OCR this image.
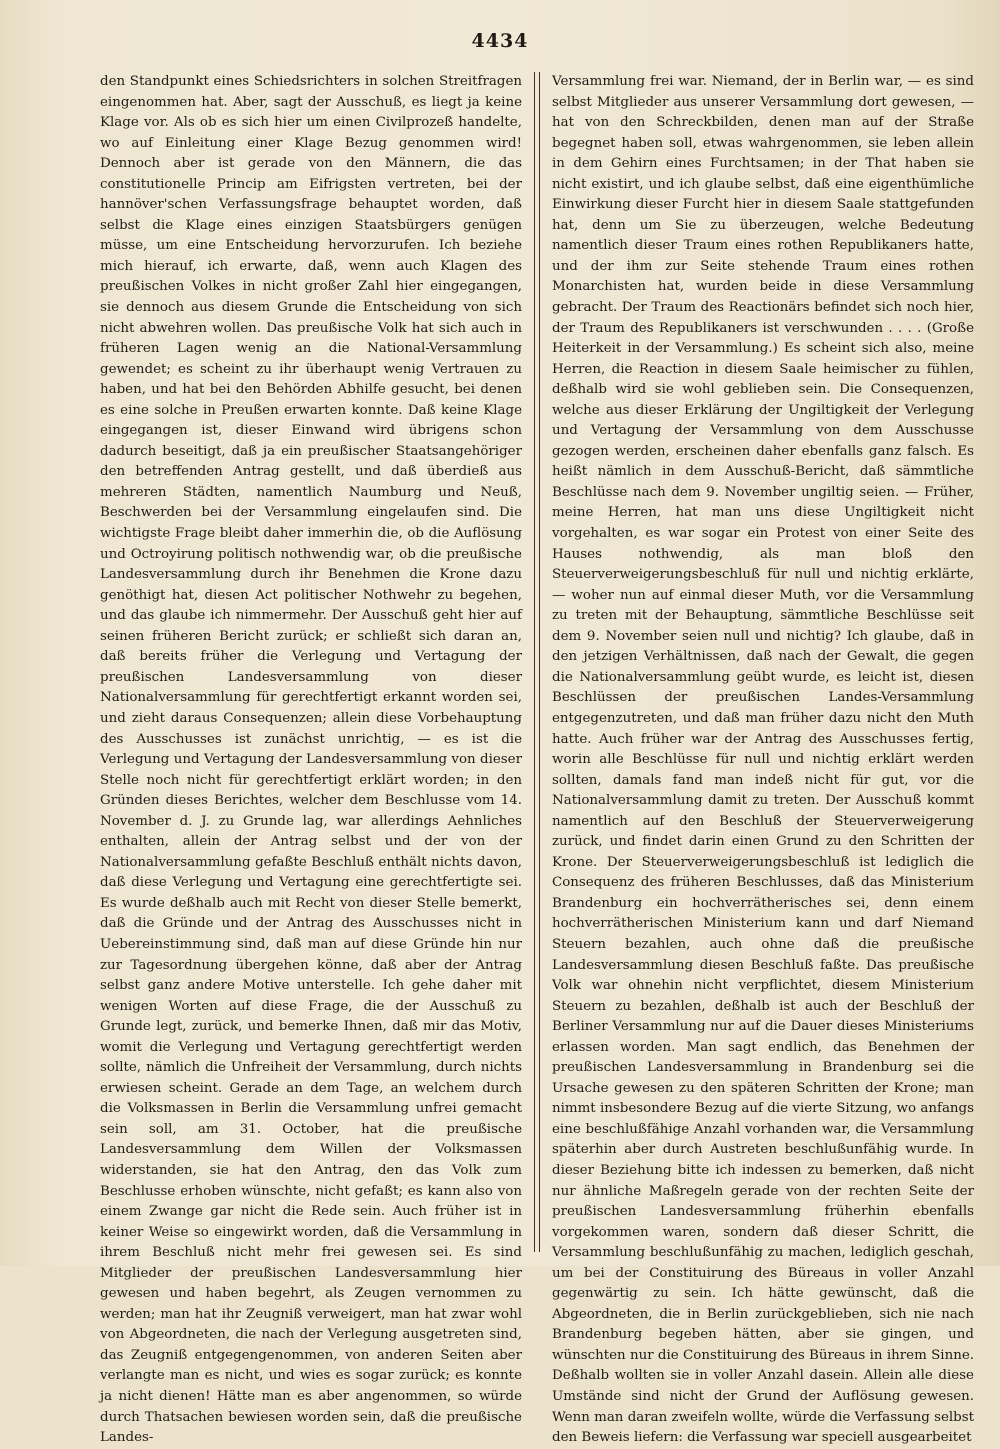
4434

den Standpunkt eines Schiedsrichters in solchen Streitfragen eingenommen hat. Aber, sagt der Ausschuß, es liegt ja keine Klage vor. Als ob es sich hier um einen Civilprozeß handelte, wo auf Einleitung einer Klage Bezug genommen wird! Dennoch aber ist gerade von den Männern, die das constitutionelle Princip am Eifrigsten vertreten, bei der hannöver'schen Verfassungsfrage behauptet worden, daß selbst die Klage eines einzigen Staatsbürgers genügen müsse, um eine Entscheidung hervorzurufen. Ich beziehe mich hierauf, ich erwarte, daß, wenn auch Klagen des preußischen Volkes in nicht großer Zahl hier eingegangen, sie dennoch aus diesem Grunde die Entscheidung von sich nicht abwehren wollen. Das preußische Volk hat sich auch in früheren Lagen wenig an die National-Versammlung gewendet; es scheint zu ihr überhaupt wenig Vertrauen zu haben, und hat bei den Behörden Abhilfe gesucht, bei denen es eine solche in Preußen erwarten konnte. Daß keine Klage eingegangen ist, dieser Einwand wird übrigens schon dadurch beseitigt, daß ja ein preußischer Staatsangehöriger den betreffenden Antrag gestellt, und daß überdieß aus mehreren Städten, namentlich Naumburg und Neuß, Beschwerden bei der Versammlung eingelaufen sind. Die wichtigste Frage bleibt daher immerhin die, ob die Auflösung und Octroyirung politisch nothwendig war, ob die preußische Landesversammlung durch ihr Benehmen die Krone dazu genöthigt hat, diesen Act politischer Nothwehr zu begehen, und das glaube ich nimmermehr. Der Ausschuß geht hier auf seinen früheren Bericht zurück; er schließt sich daran an, daß bereits früher die Verlegung und Vertagung der preußischen Landesversammlung von dieser Nationalversammlung für gerechtfertigt erkannt worden sei, und zieht daraus Consequenzen; allein diese Vorbehauptung des Ausschusses ist zunächst unrichtig, — es ist die Verlegung und Vertagung der Landesversammlung von dieser Stelle noch nicht für gerechtfertigt erklärt worden; in den Gründen dieses Berichtes, welcher dem Beschlusse vom 14. November d. J. zu Grunde lag, war allerdings Aehnliches enthalten, allein der Antrag selbst und der von der Nationalversammlung gefaßte Beschluß enthält nichts davon, daß diese Verlegung und Vertagung eine gerechtfertigte sei. Es wurde deßhalb auch mit Recht von dieser Stelle bemerkt, daß die Gründe und der Antrag des Ausschusses nicht in Uebereinstimmung sind, daß man auf diese Gründe hin nur zur Tagesordnung übergehen könne, daß aber der Antrag selbst ganz andere Motive unterstelle. Ich gehe daher mit wenigen Worten auf diese Frage, die der Ausschuß zu Grunde legt, zurück, und bemerke Ihnen, daß mir das Motiv, womit die Verlegung und Vertagung gerechtfertigt werden sollte, nämlich die Unfreiheit der Versammlung, durch nichts erwiesen scheint. Gerade an dem Tage, an welchem durch die Volksmassen in Berlin die Versammlung unfrei gemacht sein soll, am 31. October, hat die preußische Landesversammlung dem Willen der Volksmassen widerstanden, sie hat den Antrag, den das Volk zum Beschlusse erhoben wünschte, nicht gefaßt; es kann also von einem Zwange gar nicht die Rede sein. Auch früher ist in keiner Weise so eingewirkt worden, daß die Versammlung in ihrem Beschluß nicht mehr frei gewesen sei. Es sind Mitglieder der preußischen Landesversammlung hier gewesen und haben begehrt, als Zeugen vernommen zu werden; man hat ihr Zeugniß verweigert, man hat zwar wohl von Abgeordneten, die nach der Verlegung ausgetreten sind, das Zeugniß entgegengenommen, von anderen Seiten aber verlangte man es nicht, und wies es sogar zurück; es konnte ja nicht dienen! Hätte man es aber angenommen, so würde durch Thatsachen bewiesen worden sein, daß die preußische Landes-

Versammlung frei war. Niemand, der in Berlin war, — es sind selbst Mitglieder aus unserer Versammlung dort gewesen, — hat von den Schreckbilden, denen man auf der Straße begegnet haben soll, etwas wahrgenommen, sie leben allein in dem Gehirn eines Furchtsamen; in der That haben sie nicht existirt, und ich glaube selbst, daß eine eigenthümliche Einwirkung dieser Furcht hier in diesem Saale stattgefunden hat, denn um Sie zu überzeugen, welche Bedeutung namentlich dieser Traum eines rothen Republikaners hatte, und der ihm zur Seite stehende Traum eines rothen Monarchisten hat, wurden beide in diese Versammlung gebracht. Der Traum des Reactionärs befindet sich noch hier, der Traum des Republikaners ist verschwunden . . . . (Große Heiterkeit in der Versammlung.) Es scheint sich also, meine Herren, die Reaction in diesem Saale heimischer zu fühlen, deßhalb wird sie wohl geblieben sein. Die Consequenzen, welche aus dieser Erklärung der Ungiltigkeit der Verlegung und Vertagung der Versammlung von dem Ausschusse gezogen werden, erscheinen daher ebenfalls ganz falsch. Es heißt nämlich in dem Ausschuß-Bericht, daß sämmtliche Beschlüsse nach dem 9. November ungiltig seien. — Früher, meine Herren, hat man uns diese Ungiltigkeit nicht vorgehalten, es war sogar ein Protest von einer Seite des Hauses nothwendig, als man bloß den Steuerverweigerungsbeschluß für null und nichtig erklärte, — woher nun auf einmal dieser Muth, vor die Versammlung zu treten mit der Behauptung, sämmtliche Beschlüsse seit dem 9. November seien null und nichtig? Ich glaube, daß in den jetzigen Verhältnissen, daß nach der Gewalt, die gegen die Nationalversammlung geübt wurde, es leicht ist, diesen Beschlüssen der preußischen Landes-Versammlung entgegenzutreten, und daß man früher dazu nicht den Muth hatte. Auch früher war der Antrag des Ausschusses fertig, worin alle Beschlüsse für null und nichtig erklärt werden sollten, damals fand man indeß nicht für gut, vor die Nationalversammlung damit zu treten. Der Ausschuß kommt namentlich auf den Beschluß der Steuerverweigerung zurück, und findet darin einen Grund zu den Schritten der Krone. Der Steuerverweigerungsbeschluß ist lediglich die Consequenz des früheren Beschlusses, daß das Ministerium Brandenburg ein hochverrätherisches sei, denn einem hochverrätherischen Ministerium kann und darf Niemand Steuern bezahlen, auch ohne daß die preußische Landesversammlung diesen Beschluß faßte. Das preußische Volk war ohnehin nicht verpflichtet, diesem Ministerium Steuern zu bezahlen, deßhalb ist auch der Beschluß der Berliner Versammlung nur auf die Dauer dieses Ministeriums erlassen worden. Man sagt endlich, das Benehmen der preußischen Landesversammlung in Brandenburg sei die Ursache gewesen zu den späteren Schritten der Krone; man nimmt insbesondere Bezug auf die vierte Sitzung, wo anfangs eine beschlußfähige Anzahl vorhanden war, die Versammlung späterhin aber durch Austreten beschlußunfähig wurde. In dieser Beziehung bitte ich indessen zu bemerken, daß nicht nur ähnliche Maßregeln gerade von der rechten Seite der preußischen Landesversammlung früherhin ebenfalls vorgekommen waren, sondern daß dieser Schritt, die Versammlung beschlußunfähig zu machen, lediglich geschah, um bei der Constituirung des Büreaus in voller Anzahl gegenwärtig zu sein. Ich hätte gewünscht, daß die Abgeordneten, die in Berlin zurückgeblieben, sich nie nach Brandenburg begeben hätten, aber sie gingen, und wünschten nur die Constituirung des Büreaus in ihrem Sinne. Deßhalb wollten sie in voller Anzahl dasein. Allein alle diese Umstände sind nicht der Grund der Auflösung gewesen. Wenn man daran zweifeln wollte, würde die Verfassung selbst den Beweis liefern: die Verfassung war speciell ausgearbeitet
